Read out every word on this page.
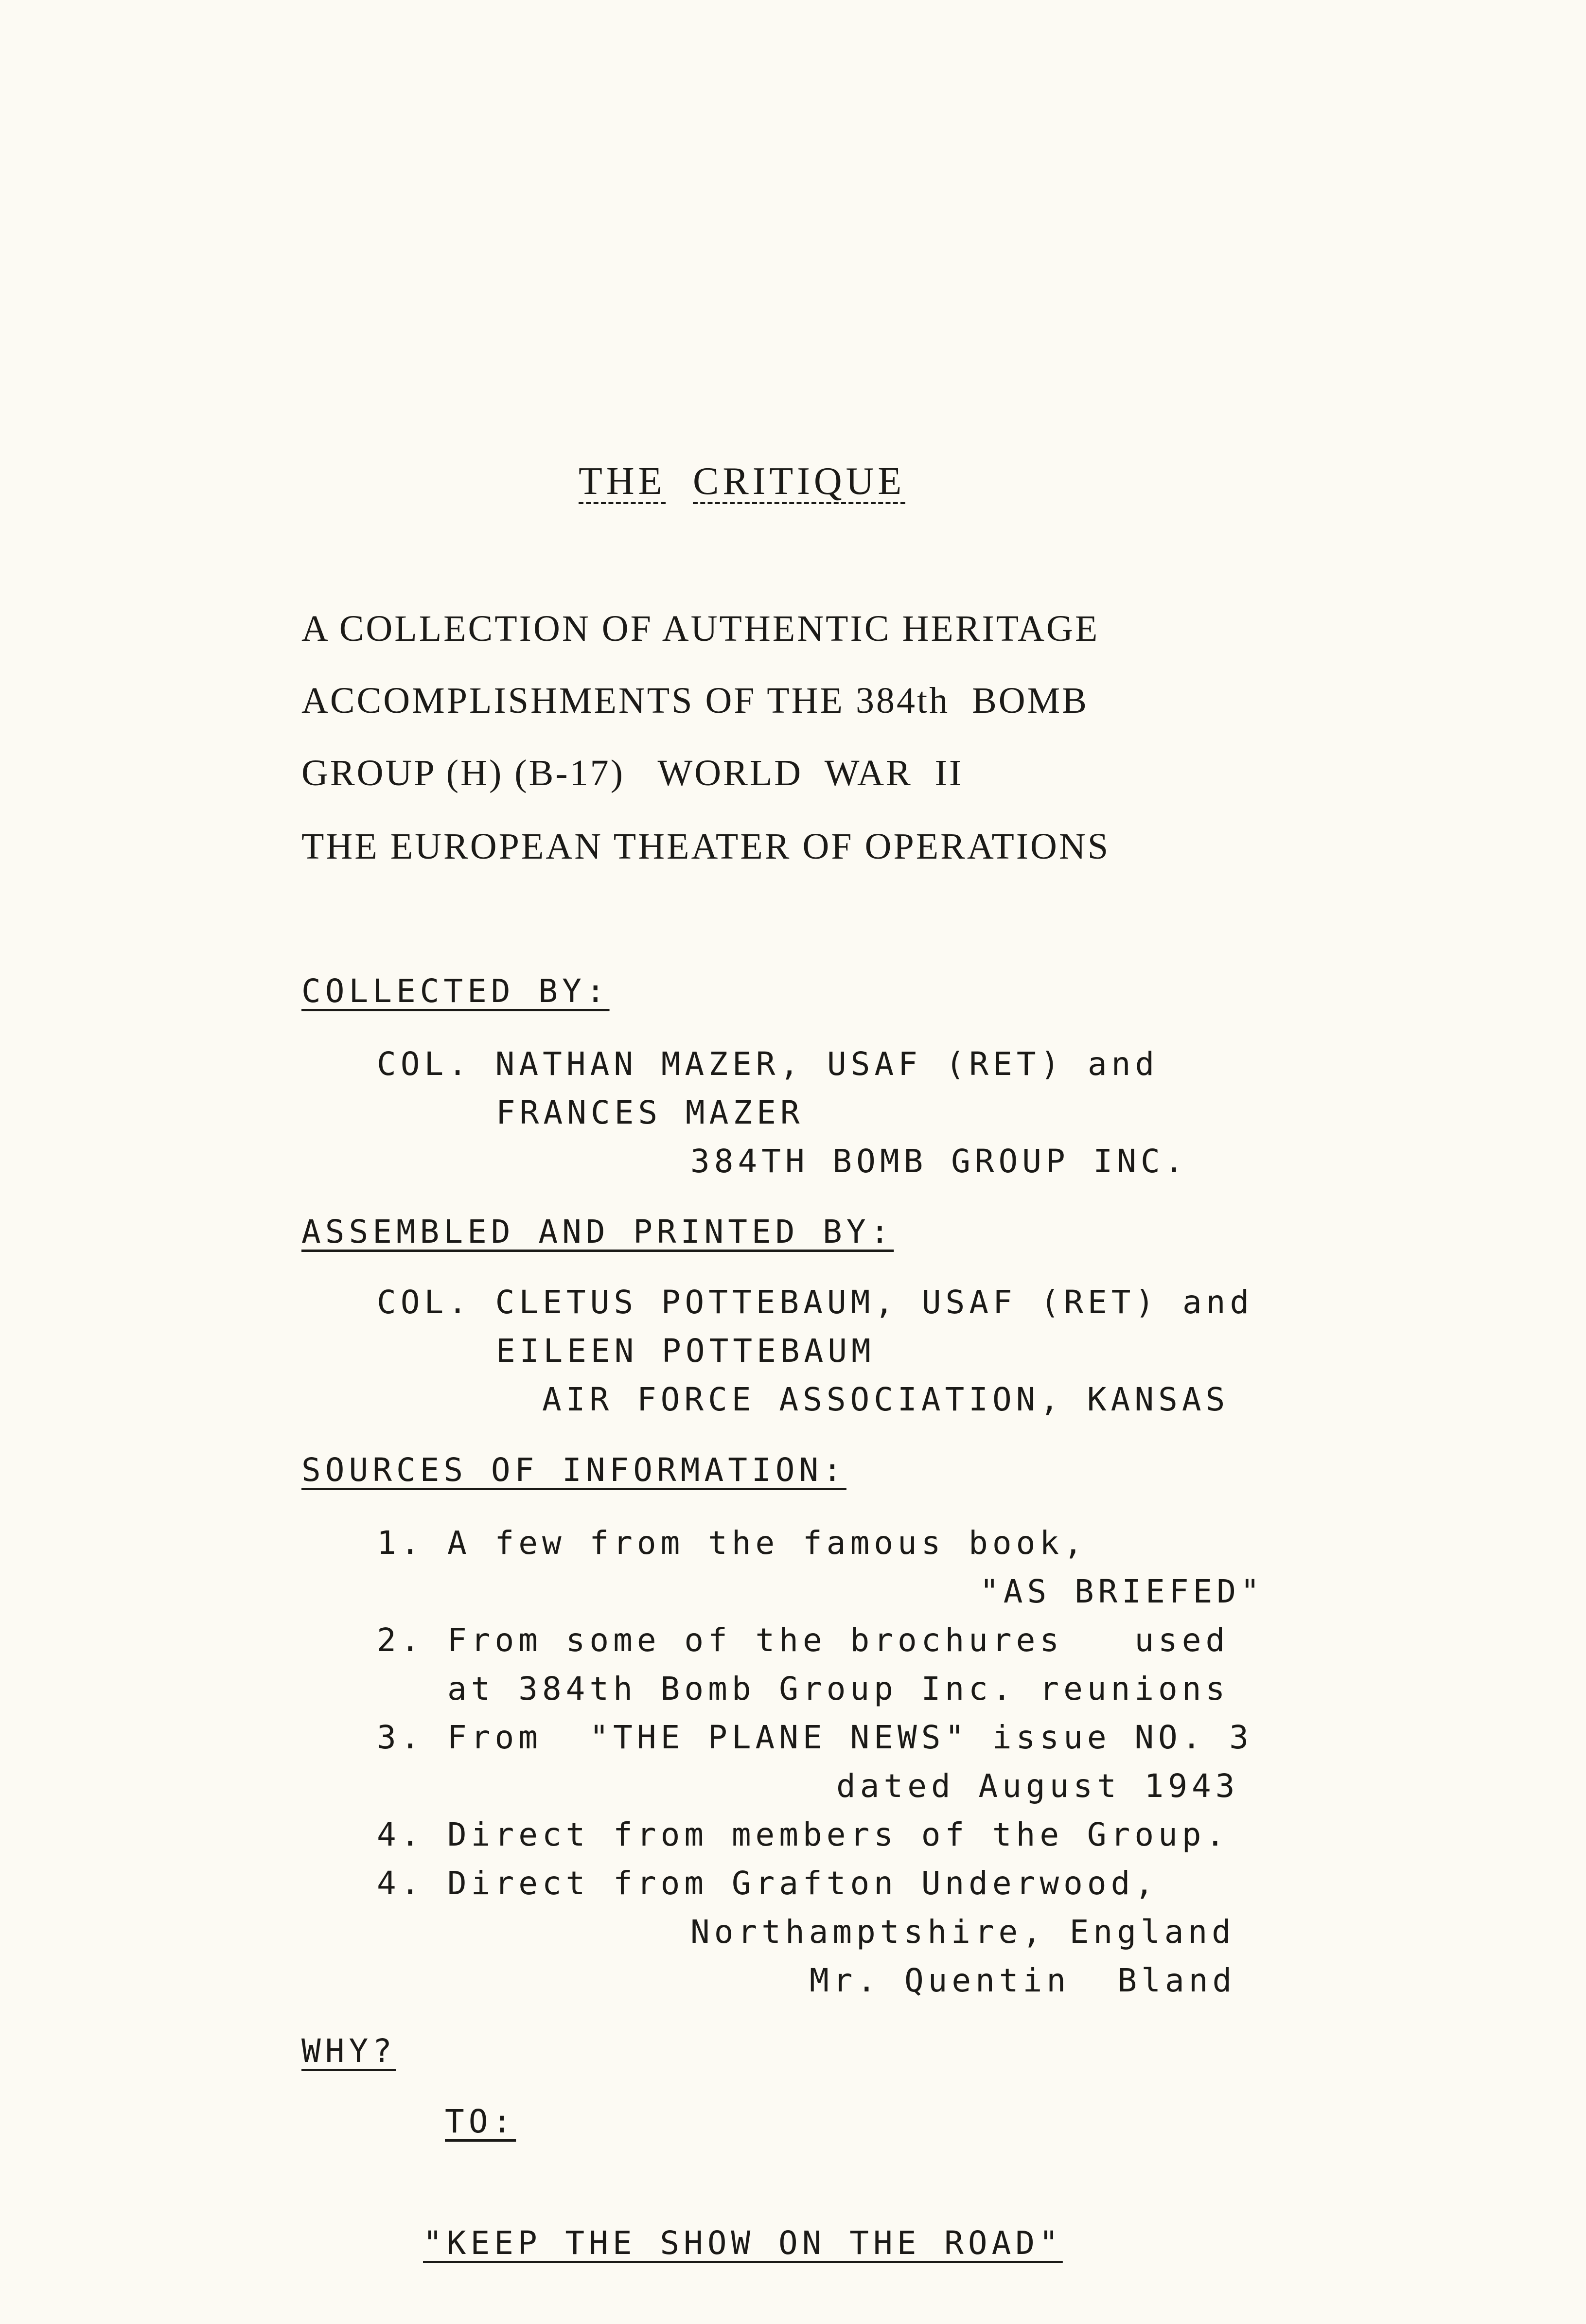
THE CRITIQUE
A COLLECTION OF AUTHENTIC HERITAGE
ACCOMPLISHMENTS OF THE 384th  BOMB
GROUP (H) (B-17)   WORLD  WAR  II
THE EUROPEAN THEATER OF OPERATIONS
COLLECTED BY:
COL. NATHAN MAZER, USAF (RET) and
FRANCES MAZER
384TH BOMB GROUP INC.
ASSEMBLED AND PRINTED BY:
COL. CLETUS POTTEBAUM, USAF (RET) and
EILEEN POTTEBAUM
AIR FORCE ASSOCIATION, KANSAS
SOURCES OF INFORMATION:
1. A few from the famous book,
"AS BRIEFED"
2. From some of the brochures   used
at 384th Bomb Group Inc. reunions
3. From  "THE PLANE NEWS" issue NO. 3
dated August 1943
4. Direct from members of the Group.
4. Direct from Grafton Underwood,
Northamptshire, England
Mr. Quentin  Bland
WHY?
TO:
"KEEP THE SHOW ON THE ROAD"
